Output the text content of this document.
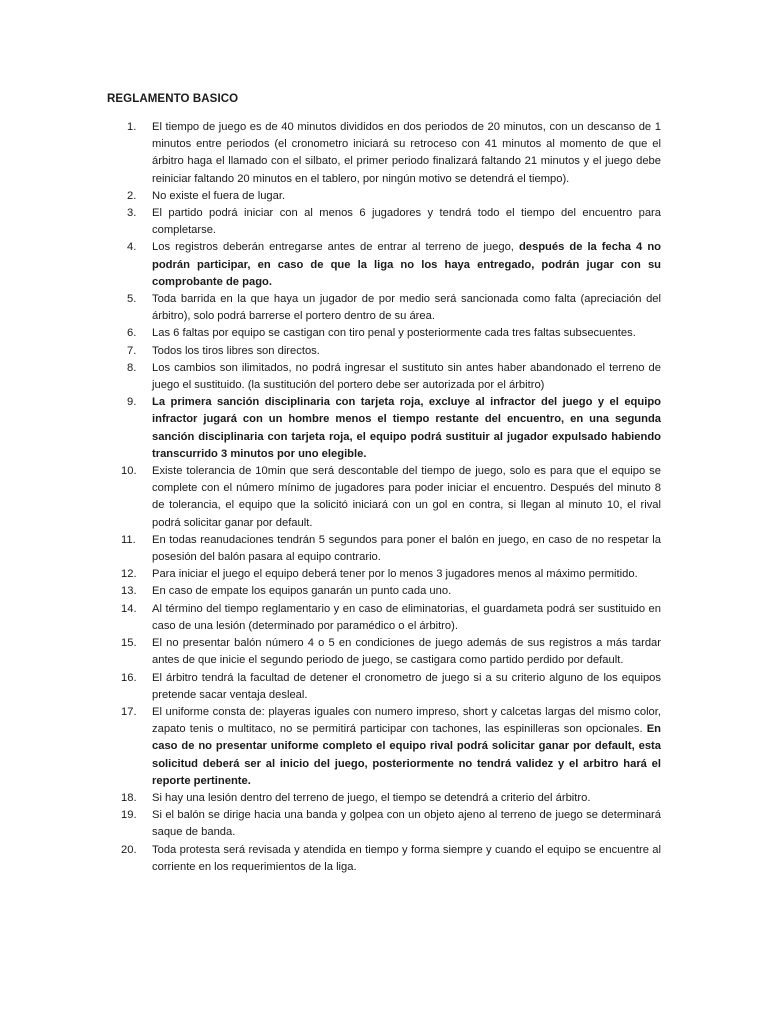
REGLAMENTO BASICO
1.	El tiempo de juego es de 40 minutos divididos en dos periodos de 20 minutos, con un descanso de 1 minutos entre periodos (el cronometro iniciará su retroceso con 41 minutos al momento de que el árbitro haga el llamado con el silbato, el primer periodo finalizará faltando 21 minutos y el juego debe reiniciar faltando 20 minutos en el tablero, por ningún motivo se detendrá el tiempo).
2.	No existe el fuera de lugar.
3.	El partido podrá iniciar con al menos 6 jugadores y tendrá todo el tiempo del encuentro para completarse.
4.	Los registros deberán entregarse antes de entrar al terreno de juego, después de la fecha 4 no podrán participar, en caso de que la liga no los haya entregado, podrán jugar con su comprobante de pago.
5.	Toda barrida en la que haya un jugador de por medio será sancionada como falta (apreciación del árbitro), solo podrá barrerse el portero dentro de su área.
6.	Las 6 faltas por equipo se castigan con tiro penal y posteriormente cada tres faltas subsecuentes.
7.	Todos los tiros libres son directos.
8.	Los cambios son ilimitados, no podrá ingresar el sustituto sin antes haber abandonado el terreno de juego el sustituido. (la sustitución del portero debe ser autorizada por el árbitro)
9.	La primera sanción disciplinaria con tarjeta roja, excluye al infractor del juego y el equipo infractor jugará con un hombre menos el tiempo restante del encuentro, en una segunda sanción disciplinaria con tarjeta roja, el equipo podrá sustituir al jugador expulsado habiendo transcurrido 3 minutos por uno elegible.
10.	Existe tolerancia de 10min que será descontable del tiempo de juego, solo es para que el equipo se complete con el número mínimo de jugadores para poder iniciar el encuentro. Después del minuto 8 de tolerancia, el equipo que la solicitó iniciará con un gol en contra, si llegan al minuto 10, el rival podrá solicitar ganar por default.
11.	En todas reanudaciones tendrán 5 segundos para poner el balón en juego, en caso de no respetar la posesión del balón pasara al equipo contrario.
12.	Para iniciar el juego el equipo deberá tener por lo menos 3 jugadores menos al máximo permitido.
13.	En caso de empate los equipos ganarán un punto cada uno.
14.	Al término del tiempo reglamentario y en caso de eliminatorias, el guardameta podrá ser sustituido en caso de una lesión (determinado por paramédico o el árbitro).
15.	El no presentar balón número 4 o 5 en condiciones de juego además de sus registros a más tardar antes de que inicie el segundo periodo de juego, se castigara como partido perdido por default.
16.	El árbitro tendrá la facultad de detener el cronometro de juego si a su criterio alguno de los equipos pretende sacar ventaja desleal.
17.	El uniforme consta de: playeras iguales con numero impreso, short y calcetas largas del mismo color, zapato tenis o multitaco, no se permitirá participar con tachones, las espinilleras son opcionales. En caso de no presentar uniforme completo el equipo rival podrá solicitar ganar por default, esta solicitud deberá ser al inicio del juego, posteriormente no tendrá validez y el arbitro hará el reporte pertinente.
18.	Si hay una lesión dentro del terreno de juego, el tiempo se detendrá a criterio del árbitro.
19.	Si el balón se dirige hacia una banda y golpea con un objeto ajeno al terreno de juego se determinará saque de banda.
20.	Toda protesta será revisada y atendida en tiempo y forma siempre y cuando el equipo se encuentre al corriente en los requerimientos de la liga.
